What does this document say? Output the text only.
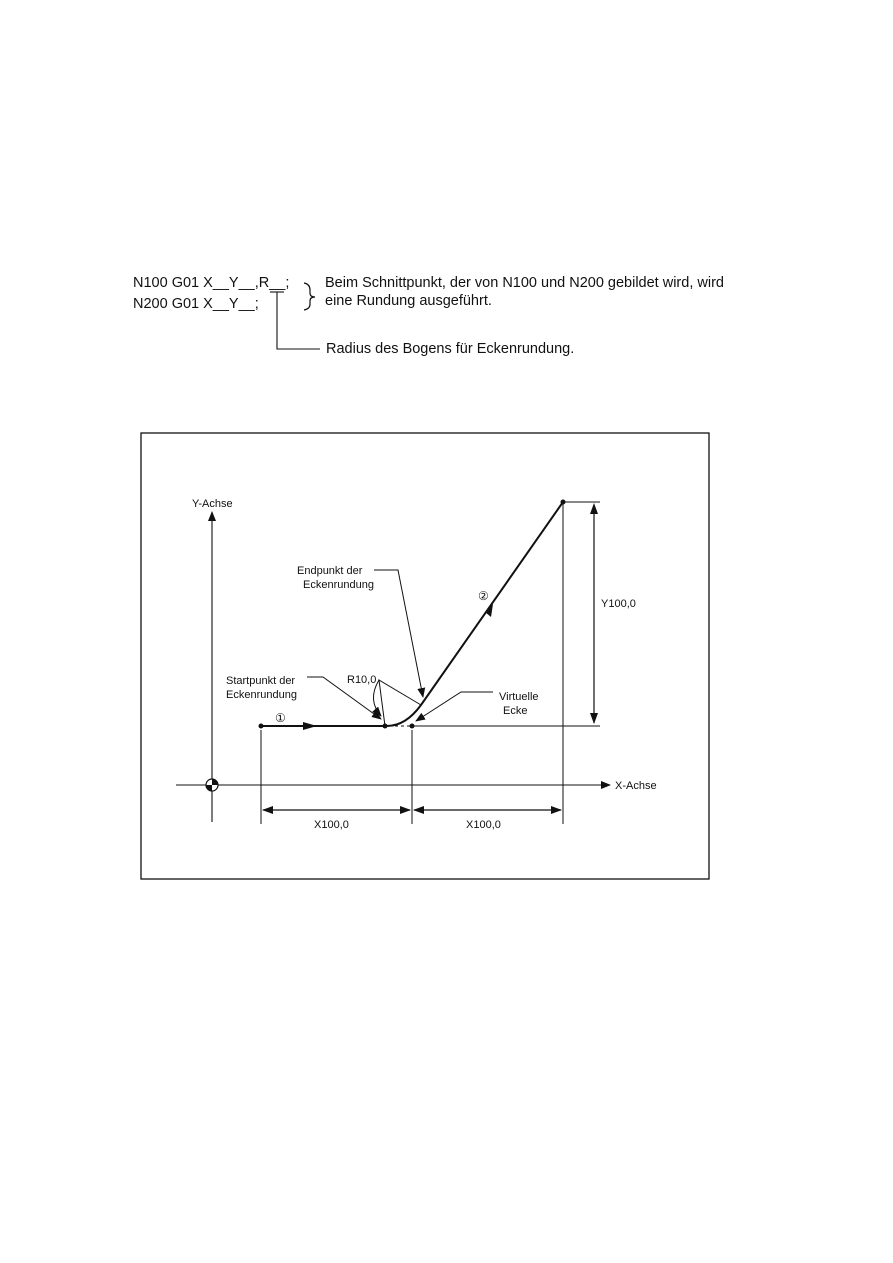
N100 G01 X__Y__,R__;
N200 G01 X__Y__;
Beim Schnittpunkt, der von N100 und N200 gebildet wird, wird
eine Rundung ausgeführt.
Radius des Bogens für Eckenrundung.
Y-Achse
X-Achse
①
②
R10,0
Endpunkt der
Eckenrundung
Startpunkt der
Eckenrundung	Virtuelle
Ecke
Y100,0
X100,0	X100,0
